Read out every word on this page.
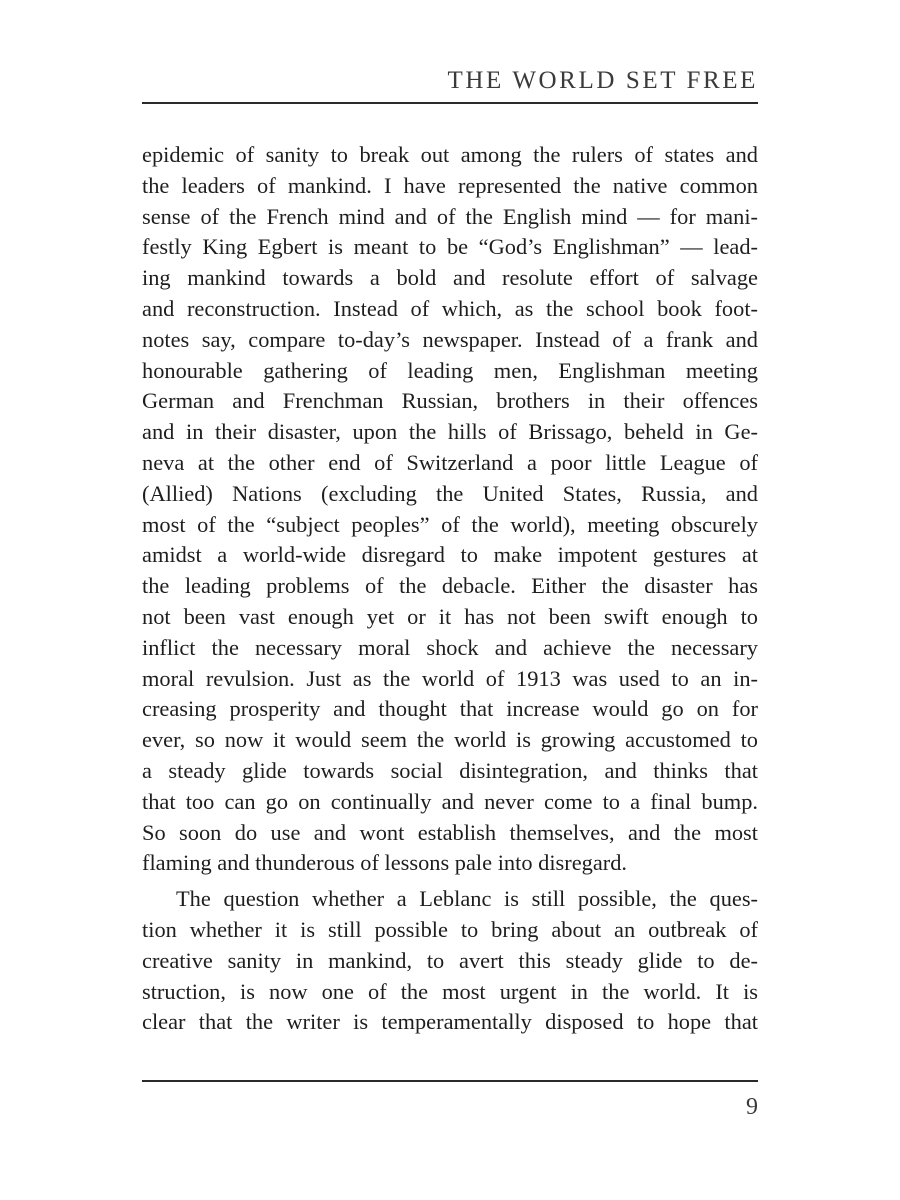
THE WORLD SET FREE
epidemic of sanity to break out among the rulers of states and
the leaders of mankind. I have represented the native common
sense of the French mind and of the English mind — for mani-
festly King Egbert is meant to be “God’s Englishman” — lead-
ing mankind towards a bold and resolute effort of salvage
and reconstruction. Instead of which, as the school book foot-
notes say, compare to-day’s newspaper. Instead of a frank and
honourable gathering of leading men, Englishman meeting
German and Frenchman Russian, brothers in their offences
and in their disaster, upon the hills of Brissago, beheld in Ge-
neva at the other end of Switzerland a poor little League of
(Allied) Nations (excluding the United States, Russia, and
most of the “subject peoples” of the world), meeting obscurely
amidst a world-wide disregard to make impotent gestures at
the leading problems of the debacle. Either the disaster has
not been vast enough yet or it has not been swift enough to
inflict the necessary moral shock and achieve the necessary
moral revulsion. Just as the world of 1913 was used to an in-
creasing prosperity and thought that increase would go on for
ever, so now it would seem the world is growing accustomed to
a steady glide towards social disintegration, and thinks that
that too can go on continually and never come to a final bump.
So soon do use and wont establish themselves, and the most
flaming and thunderous of lessons pale into disregard.
The question whether a Leblanc is still possible, the ques-
tion whether it is still possible to bring about an outbreak of
creative sanity in mankind, to avert this steady glide to de-
struction, is now one of the most urgent in the world. It is
clear that the writer is temperamentally disposed to hope that
9
